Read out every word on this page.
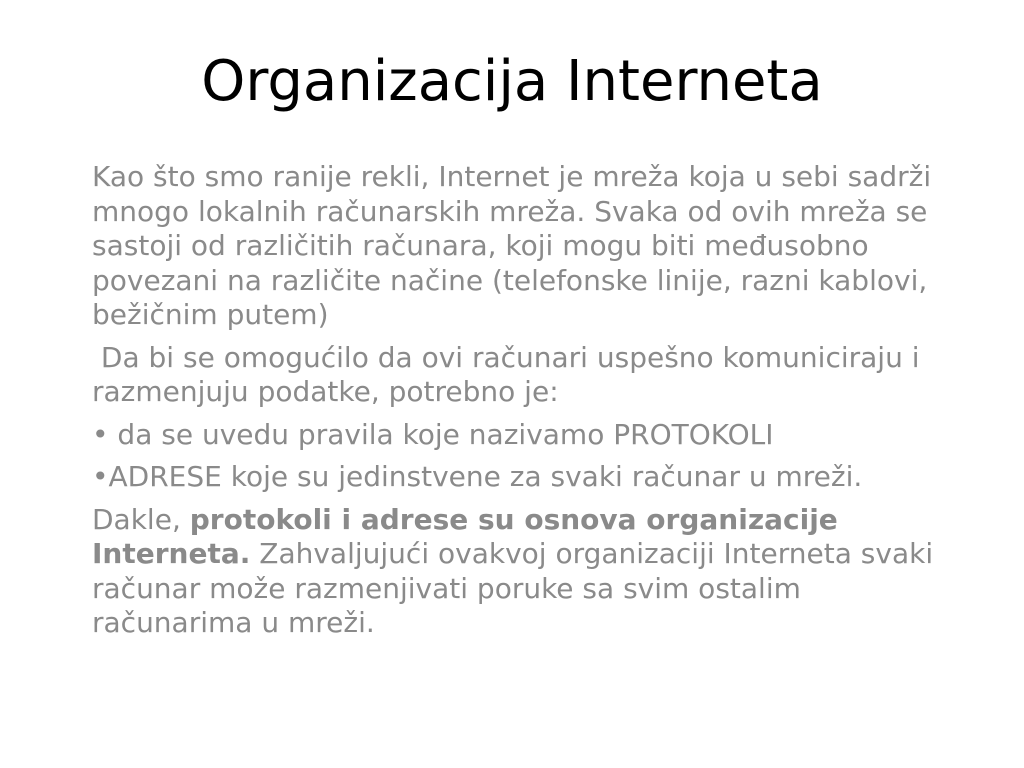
Organizacija Interneta

Kao što smo ranije rekli, Internet je mreža koja u sebi sadrži mnogo lokalnih računarskih mreža. Svaka od ovih mreža se sastoji od različitih računara, koji mogu biti međusobno povezani na različite načine (telefonske linije, razni kablovi, bežičnim putem)

Da bi se omogućilo da ovi računari uspešno komuniciraju i razmenjuju podatke, potrebno je:

• da se uvedu pravila koje nazivamo PROTOKOLI

•ADRESE koje su jedinstvene za svaki računar u mreži.

Dakle, protokoli i adrese su osnova organizacije Interneta. Zahvaljujući ovakvoj organizaciji Interneta svaki računar može razmenjivati poruke sa svim ostalim računarima u mreži.
